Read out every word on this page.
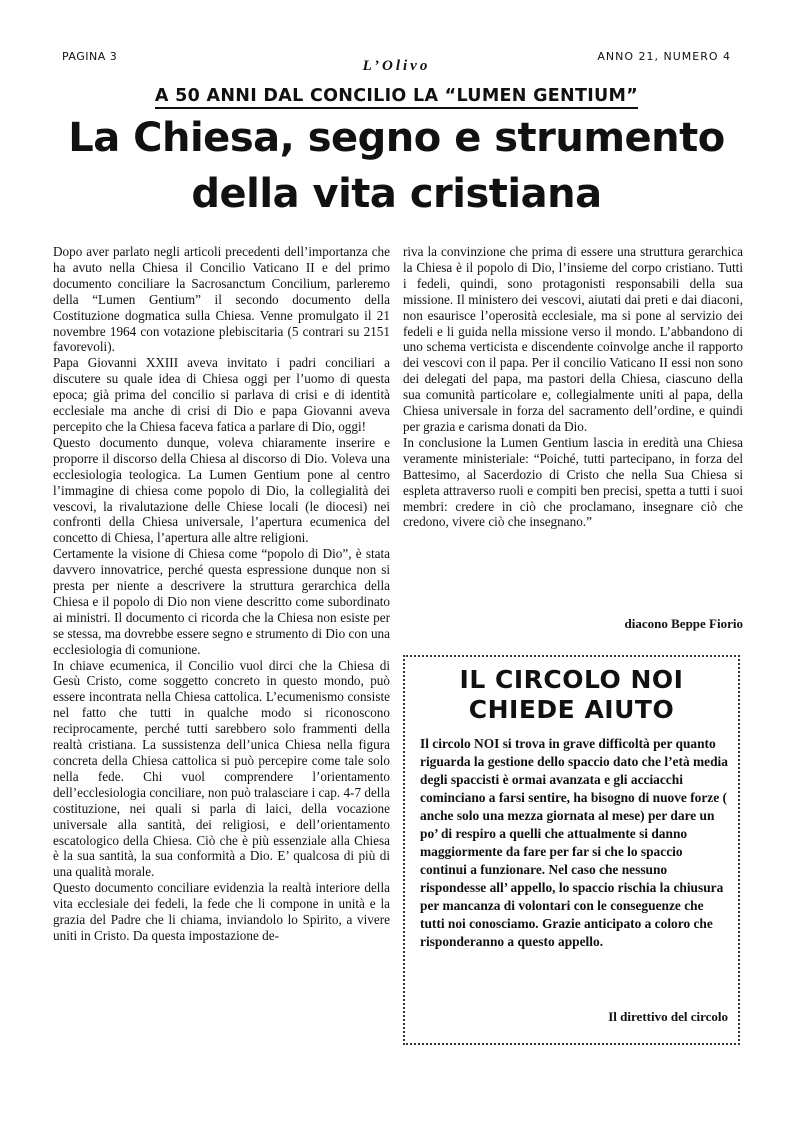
PAGINA 3
L’Olivo
ANNO 21, NUMERO 4
A 50 ANNI DAL CONCILIO LA “LUMEN GENTIUM”
La Chiesa, segno e strumento
della vita cristiana

Dopo aver parlato negli articoli precedenti dell’importanza che ha avuto nella Chiesa il Concilio Vaticano II e del primo documento conciliare la Sacrosanctum Concilium, parleremo della “Lumen Gentium” il secondo documento della Costituzione dogmatica sulla Chiesa. Venne promulgato il 21 novembre 1964 con votazione plebiscitaria (5 contrari su 2151 favorevoli).

Papa Giovanni XXIII aveva invitato i padri conciliari a discutere su quale idea di Chiesa oggi per l’uomo di questa epoca; già prima del concilio si parlava di crisi e di identità ecclesiale ma anche di crisi di Dio e papa Giovanni aveva percepito che la Chiesa faceva fatica a parlare di Dio, oggi!

Questo documento dunque, voleva chiaramente inserire e proporre il discorso della Chiesa al discorso di Dio. Voleva una ecclesiologia teologica. La Lumen Gentium pone al centro l’immagine di chiesa come popolo di Dio, la collegialità dei vescovi, la rivalutazione delle Chiese locali (le diocesi) nei confronti della Chiesa universale, l’apertura ecumenica del concetto di Chiesa, l’apertura alle altre religioni.

Certamente la visione di Chiesa come “popolo di Dio”, è stata davvero innovatrice, perché questa espressione dunque non si presta per niente a descrivere la struttura gerarchica della Chiesa e il popolo di Dio non viene descritto come subordinato ai ministri. Il documento ci ricorda che la Chiesa non esiste per se stessa, ma dovrebbe essere segno e strumento di Dio con una ecclesiologia di comunione.

In chiave ecumenica, il Concilio vuol dirci che la Chiesa di Gesù Cristo, come soggetto concreto in questo mondo, può essere incontrata nella Chiesa cattolica. L’ecumenismo consiste nel fatto che tutti in qualche modo si riconoscono reciprocamente, perché tutti sarebbero solo frammenti della realtà cristiana. La sussistenza dell’unica Chiesa nella figura concreta della Chiesa cattolica si può percepire come tale solo nella fede. Chi vuol comprendere l’orientamento dell’ecclesiologia conciliare, non può tralasciare i cap. 4-7 della costituzione, nei quali si parla di laici, della vocazione universale alla santità, dei religiosi, e dell’orientamento escatologico della Chiesa. Ciò che è più essenziale alla Chiesa è la sua santità, la sua conformità a Dio. E’ qualcosa di più di una qualità morale.

Questo documento conciliare evidenzia la realtà interiore della vita ecclesiale dei fedeli, la fede che li compone in unità e la grazia del Padre che li chiama, inviandolo lo Spirito, a vivere uniti in Cristo. Da questa impostazione de-

riva la convinzione che prima di essere una struttura gerarchica la Chiesa è il popolo di Dio, l’insieme del corpo cristiano. Tutti i fedeli, quindi, sono protagonisti responsabili della sua missione. Il ministero dei vescovi, aiutati dai preti e dai diaconi, non esaurisce l’operosità ecclesiale, ma si pone al servizio dei fedeli e li guida nella missione verso il mondo. L’abbandono di uno schema verticista e discendente coinvolge anche il rapporto dei vescovi con il papa. Per il concilio Vaticano II essi non sono dei delegati del papa, ma pastori della Chiesa, ciascuno della sua comunità particolare e, collegialmente uniti al papa, della Chiesa universale in forza del sacramento dell’ordine, e quindi per grazia e carisma donati da Dio.

In conclusione la Lumen Gentium lascia in eredità una Chiesa veramente ministeriale: “Poiché, tutti partecipano, in forza del Battesimo, al Sacerdozio di Cristo che nella Sua Chiesa si espleta attraverso ruoli e compiti ben precisi, spetta a tutti i suoi membri: credere in ciò che proclamano, insegnare ciò che credono, vivere ciò che insegnano.”

diacono Beppe Fiorio
IL CIRCOLO NOI
CHIEDE AIUTO
Il circolo NOI si trova in grave difficoltà per quanto riguarda la gestione dello spaccio dato che l’età media degli spaccisti è ormai avanzata e gli acciacchi cominciano a farsi sentire, ha bisogno di nuove forze ( anche solo una mezza giornata al mese) per dare un po’ di respiro a quelli che attualmente si danno maggiormente da fare per far si che lo spaccio continui a funzionare. Nel caso che nessuno rispondesse all’ appello, lo spaccio rischia la chiusura per mancanza di volontari con le conseguenze che tutti noi conosciamo. Grazie anticipato a coloro che risponderanno a questo appello.
Il direttivo del circolo
